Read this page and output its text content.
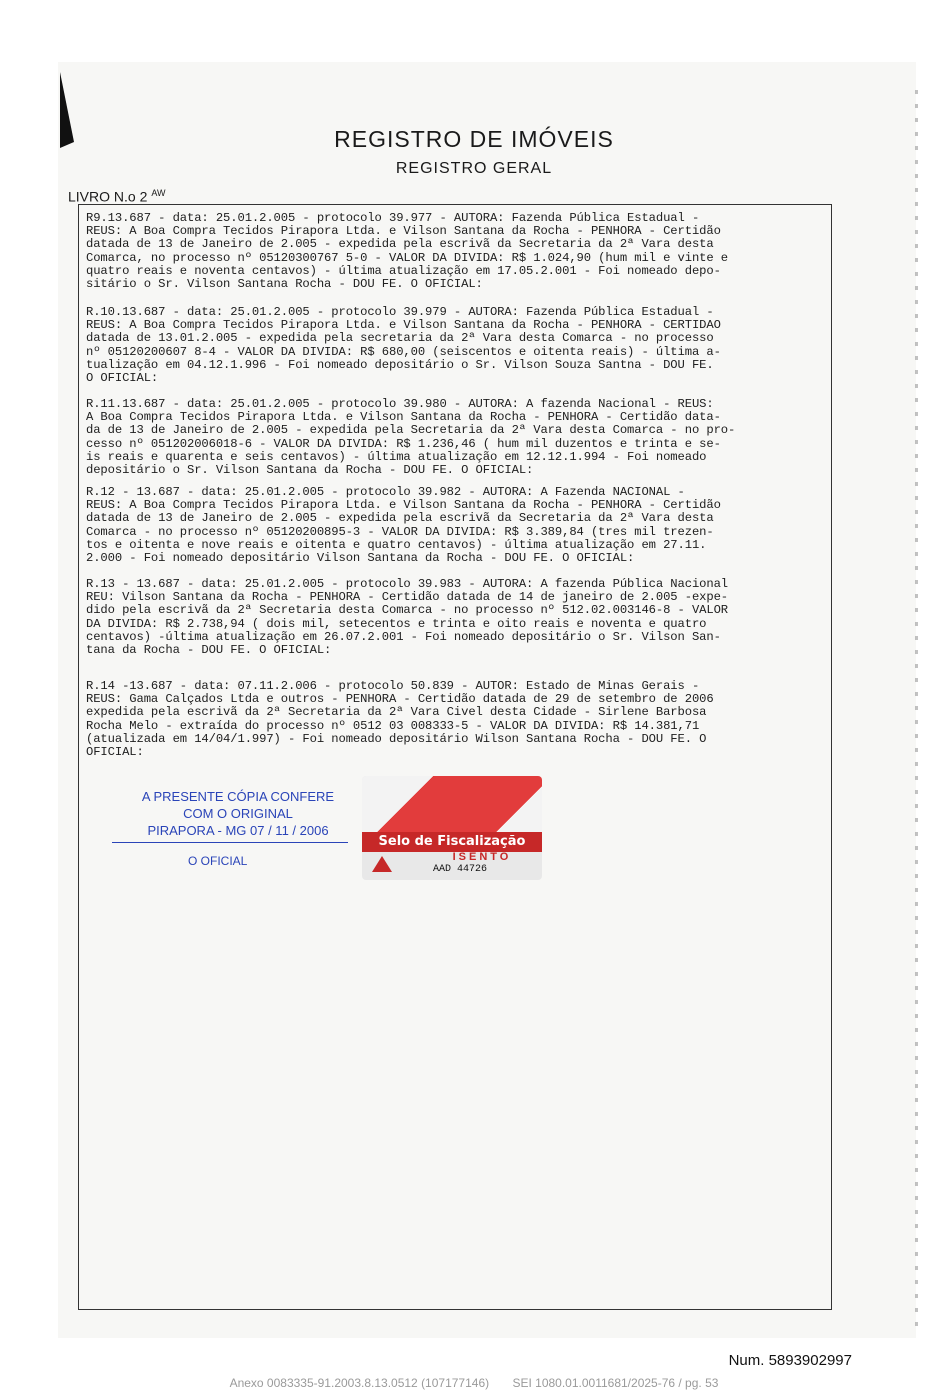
REGISTRO DE IMÓVEIS
REGISTRO GERAL
LIVRO N.o 2 $^{AW}$
R9.13.687 - data: 25.01.2.005 - protocolo 39.977 - AUTORA: Fazenda Pública Estadual -
REUS: A Boa Compra Tecidos Pirapora Ltda. e Vilson Santana da Rocha - PENHORA - Certidão
datada de 13 de Janeiro de 2.005 - expedida pela escrivã da Secretaria da 2ª Vara desta
Comarca, no processo nº 05120300767 5-0 - VALOR DA DIVIDA: R$ 1.024,90 (hum mil e vinte e
quatro reais e noventa centavos) - última atualização em 17.05.2.001 - Foi nomeado depo-
sitário o Sr. Vilson Santana Rocha - DOU FE. O OFICIAL:
R.10.13.687 - data: 25.01.2.005 - protocolo 39.979 - AUTORA: Fazenda Pública Estadual -
REUS: A Boa Compra Tecidos Pirapora Ltda. e Vilson Santana da Rocha - PENHORA - CERTIDAO
datada de 13.01.2.005 - expedida pela secretaria da 2ª Vara desta Comarca - no processo
nº 05120200607 8-4 - VALOR DA DIVIDA: R$ 680,00 (seiscentos e oitenta reais) - última a-
tualização em 04.12.1.996 - Foi nomeado depositário o Sr. Vilson Souza Santna - DOU FE.
O OFICIAL:
R.11.13.687 - data: 25.01.2.005 - protocolo 39.980 - AUTORA: A fazenda Nacional - REUS:
A Boa Compra Tecidos Pirapora Ltda. e Vilson Santana da Rocha - PENHORA - Certidão data-
da de 13 de Janeiro de 2.005 - expedida pela Secretaria da 2ª Vara desta Comarca - no pro-
cesso nº 051202006018-6 - VALOR DA DIVIDA: R$ 1.236,46 ( hum mil duzentos e trinta e se-
is reais e quarenta e seis centavos) - última atualização em 12.12.1.994 - Foi nomeado
depositário o Sr. Vilson Santana da Rocha - DOU FE. O OFICIAL:
R.12 - 13.687 - data: 25.01.2.005 - protocolo 39.982 - AUTORA: A Fazenda NACIONAL -
REUS: A Boa Compra Tecidos Pirapora Ltda. e Vilson Santana da Rocha - PENHORA - Certidão
datada de 13 de Janeiro de 2.005 - expedida pela escrivã da Secretaria da 2ª Vara desta
Comarca - no processo nº 05120200895-3 - VALOR DA DIVIDA: R$ 3.389,84 (tres mil trezen-
tos e oitenta e nove reais e oitenta e quatro centavos) - última atualização em 27.11.
2.000 - Foi nomeado depositário Vilson Santana da Rocha - DOU FE. O OFICIAL:
R.13 - 13.687 - data: 25.01.2.005 - protocolo 39.983 - AUTORA: A fazenda Pública Nacional
REU: Vilson Santana da Rocha - PENHORA - Certidão datada de 14 de janeiro de 2.005 -expe-
dido pela escrivã da 2ª Secretaria desta Comarca - no processo nº 512.02.003146-8 - VALOR
DA DIVIDA: R$ 2.738,94 ( dois mil, setecentos e trinta e oito reais e noventa e quatro
centavos) -última atualização em 26.07.2.001 - Foi nomeado depositário o Sr. Vilson San-
tana da Rocha - DOU FE. O OFICIAL:
R.14 -13.687 - data: 07.11.2.006 - protocolo 50.839 - AUTOR: Estado de Minas Gerais -
REUS: Gama Calçados Ltda e outros - PENHORA - Certidão datada de 29 de setembro de 2006
expedida pela escrivã da 2ª Secretaria da 2ª Vara Civel desta Cidade - Sirlene Barbosa
Rocha Melo - extraída do processo nº 0512 03 008333-5 - VALOR DA DIVIDA: R$ 14.381,71
(atualizada em 14/04/1.997) - Foi nomeado depositário Wilson Santana Rocha - DOU FE. O
OFICIAL:
A PRESENTE CÓPIA CONFERE
COM O ORIGINAL
PIRAPORA - MG 07 / 11 / 2006
O OFICIAL
Selo de Fiscalização
ISENTO
AAD 44726
Num. 5893902997
Anexo 0083335-91.2003.8.13.0512 (107177146) SEI 1080.01.0011681/2025-76 / pg. 53
